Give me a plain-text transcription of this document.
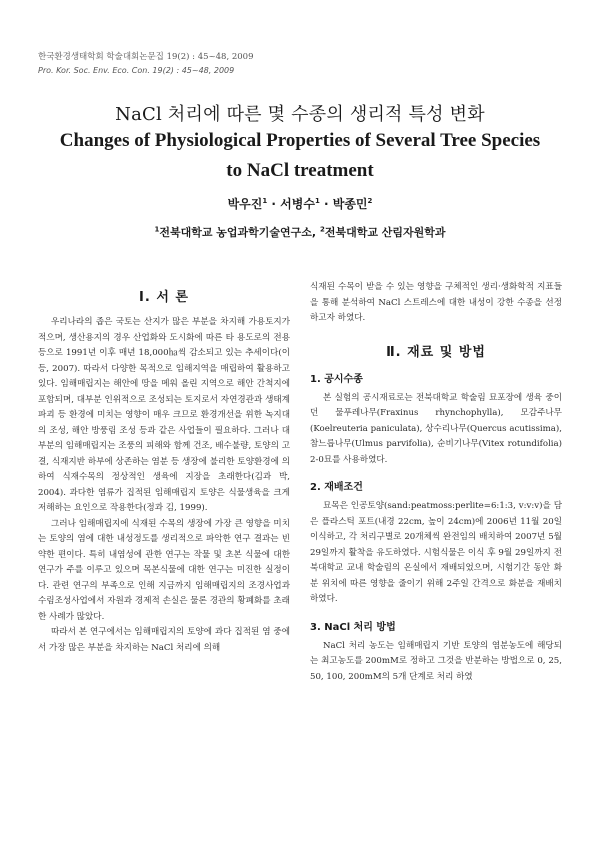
한국환경생태학회 학술대회논문집 19(2) : 45~48, 2009
Pro. Kor. Soc. Env. Eco. Con. 19(2) : 45~48, 2009
NaCl 처리에 따른 몇 수종의 생리적 특성 변화
Changes of Physiological Properties of Several Tree Species
to NaCl treatment
박우진$^1$ · 서병수$^1$ · 박종민$^2$
$^1$전북대학교 농업과학기술연구소, $^2$전북대학교 산림자원학과
Ⅰ. 서 론

우리나라의 좁은 국토는 산지가 많은 부분을 차지해 가용토지가 적으며, 생산용지의 경우 산업화와 도시화에 따른 타 용도로의 전용 등으로 1991년 이후 매년 18,000㏊씩 감소되고 있는 추세이다(이 등, 2007). 따라서 다양한 목적으로 임해지역을 매립하여 활용하고 있다. 임해매립지는 해안에 땅을 메워 올린 지역으로 해안 간척지에 포함되며, 대부분 인위적으로 조성되는 토지로서 자연경관과 생태계 파괴 등 환경에 미치는 영향이 매우 크므로 환경개선을 위한 녹지대의 조성, 해안 방풍림 조성 등과 같은 사업들이 필요하다. 그러나 대부분의 임해매립지는 조풍의 피해와 함께 건조, 배수불량, 토양의 고결, 식재지반 하부에 상존하는 염분 등 생장에 불리한 토양환경에 의하여 식재수목의 정상적인 생육에 지장을 초래한다(김과 박, 2004). 과다한 염류가 집적된 임해매립지 토양은 식물생육을 크게 저해하는 요인으로 작용한다(정과 김, 1999).

그러나 임해매립지에 식재된 수목의 생장에 가장 큰 영향을 미치는 토양의 염에 대한 내성정도를 생리적으로 파악한 연구 결과는 빈약한 편이다. 특히 내염성에 관한 연구는 작물 및 초본 식물에 대한 연구가 주를 이루고 있으며 목본식물에 대한 연구는 미진한 실정이다. 관련 연구의 부족으로 인해 지금까지 임해매립지의 조경사업과 수림조성사업에서 자원과 경제적 손실은 물론 경관의 황폐화를 초래한 사례가 많았다.

따라서 본 연구에서는 임해매립지의 토양에 과다 집적된 염 중에서 가장 많은 부분을 차지하는 NaCl 처리에 의해

식재된 수목이 받을 수 있는 영향을 구체적인 생리·생화학적 지표들을 통해 분석하여 NaCl 스트레스에 대한 내성이 강한 수종을 선정하고자 하였다.

Ⅱ. 재료 및 방법
1. 공시수종

본 실험의 공시재료로는 전북대학교 학술림 묘포장에 생육 중이던 물푸레나무(Fraxinus rhynchophylla), 모감주나무(Koelreuteria paniculata), 상수리나무(Quercus acutissima), 참느릅나무(Ulmus parvifolia), 순비기나무(Vitex rotundifolia) 2-0묘를 사용하였다.

2. 재배조건

묘목은 인공토양(sand:peatmoss:perlite=6:1:3, v:v:v)을 담은 플라스틱 포트(내경 22cm, 높이 24cm)에 2006년 11월 20일 이식하고, 각 처리구별로 20개체씩 완전임의 배치하여 2007년 5월 29일까지 활착을 유도하였다. 시험식물은 이식 후 9월 29일까지 전북대학교 교내 학술림의 온실에서 재배되었으며, 시험기간 동안 화분 위치에 따른 영향을 줄이기 위해 2주일 간격으로 화분을 재배치하였다.

3. NaCl 처리 방법

NaCl 처리 농도는 임해매립지 기반 토양의 염분농도에 해당되는 최고농도를 200mM로 정하고 그것을 반분하는 방법으로 0, 25, 50, 100, 200mM의 5개 단계로 처리 하였
